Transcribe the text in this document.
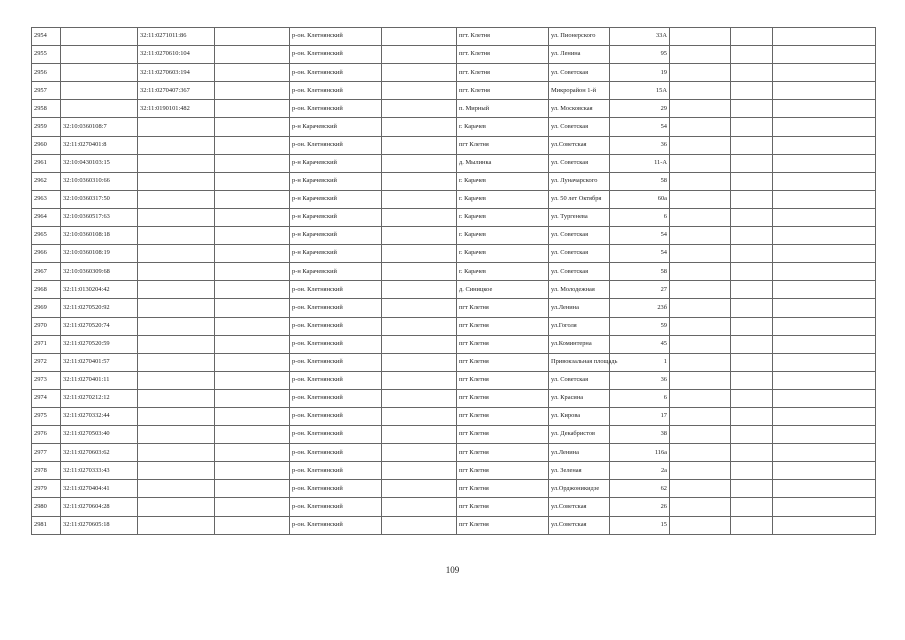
2954		32:11:0271011:86		р-он. Клетнянский		пгт. Клетня	ул. Пионерского	33А			
2955		32:11:0270610:104		р-он. Клетнянский		пгт. Клетня	ул. Ленина	95			
2956		32:11:0270603:194		р-он. Клетнянский		пгт. Клетня	ул. Советская	19			
2957		32:11:0270407:367		р-он. Клетнянский		пгт. Клетня	Микрорайон 1-й	15А			
2958		32:11:0190101:482		р-он. Клетнянский		п. Мирный	ул. Московская	29			
2959	32:10:0360108:7			р-н Карачевский		г. Карачев	ул. Советская	54			
2960	32:11:0270401:8			р-он. Клетнянский		пгт Клетня	ул.Советская	36			
2961	32:10:0430103:15			р-н Карачевский		д. Мылинка	ул. Советская	11-А			
2962	32:10:0360310:66			р-н Карачевский		г. Карачев	ул. Луначарского	58			
2963	32:10:0360317:50			р-н Карачевский		г. Карачев	ул. 50 лет Октября	60а			
2964	32:10:0360517:63			р-н Карачевский		г. Карачев	ул. Тургенева	6			
2965	32:10:0360108:18			р-н Карачевский		г. Карачев	ул. Советская	54			
2966	32:10:0360108:19			р-н Карачевский		г. Карачев	ул. Советская	54			
2967	32:10:0360309:68			р-н Карачевский		г. Карачев	ул. Советская	58			
2968	32:11:0130204:42			р-он. Клетнянский		д. Синицкое	ул. Молодежная	27			
2969	32:11:0270520:92			р-он. Клетнянский		пгт Клетня	ул.Ленина	23б			
2970	32:11:0270520:74			р-он. Клетнянский		пгт Клетня	ул.Гоголя	59			
2971	32:11:0270520:59			р-он. Клетнянский		пгт Клетня	ул.Коминтерна	45			
2972	32:11:0270401:57			р-он. Клетнянский		пгт Клетня	Привокзальная площадь	1			
2973	32:11:0270401:11			р-он. Клетнянский		пгт Клетня	ул. Советская	36			
2974	32:11:0270212:12			р-он. Клетнянский		пгт Клетня	ул. Красина	6			
2975	32:11:0270332:44			р-он. Клетнянский		пгт Клетня	ул. Кирова	17			
2976	32:11:0270503:40			р-он. Клетнянский		пгт Клетня	ул. Декабристов	38			
2977	32:11:0270603:62			р-он. Клетнянский		пгт Клетня	ул.Ленина	116а			
2978	32:11:0270333:43			р-он. Клетнянский		пгт Клетня	ул. Зеленая	2а			
2979	32:11:0270404:41			р-он. Клетнянский		пгт Клетня	ул.Орджоникидзе	62			
2980	32:11:0270604:28			р-он. Клетнянский		пгт Клетня	ул.Советская	26			
2981	32:11:0270605:18			р-он. Клетнянский		пгт Клетня	ул.Советская	15			
109
